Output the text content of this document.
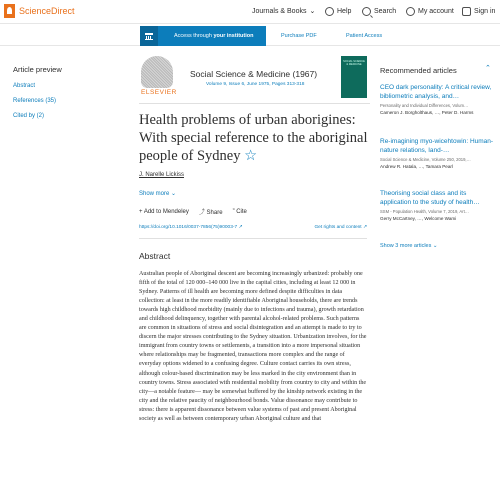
ScienceDirect	Journals & Books ⌄	Help	Search	My account	Sign in
Access through your institution	Purchase PDF	Patient Access
Article preview
Abstract
References (35)
Cited by (2)
ELSEVIER
Social Science & Medicine (1967)
Volume 9, Issue 6, June 1975, Pages 313-318
SOCIAL SCIENCE & MEDICINE
Health problems of urban aborigines: With special reference to the aboriginal people of Sydney ☆
J. Narelle Lickiss
Show more ⌄
+ Add to Mendeley ⤴ Share ” Cite
https://doi.org/10.1016/0037-7856(75)90003-7 ↗	Get rights and content ↗
Abstract
Australian people of Aboriginal descent are becoming increasingly urbanized: probably one fifth of the total of 120 000–140 000 live in the capital cities, including at least 12 000 in Sydney. Patterns of ill health are becoming more defined despite difficulties in data collection: at least in the more readily identifiable Aboriginal households, there are trends towards high childhood morbidity (mainly due to infections and trauma), growth retardation and childhood delinquency, together with parental alcohol-related problems. Such patterns are common in situations of stress and social disintegration and an attempt is made to try to discern the major stresses contributing to the Sydney situation. Urbanization involves, for the immigrant from country towns or settlements, a transition into a more impersonal situation where relationships may be fragmented, transactions more complex and the range of everyday options widened to a confusing degree. Culture contact carries its own stress, although colour-based discrimination may be less marked in the city environment than in country towns. Stress associated with residential mobility from country to city and within the city—a notable feature— may be somewhat buffered by the kinship network existing in the city and the relative paucity of neighbourhood bonds. Value dissonance may contribute to stress: there is apparent dissonance between value systems of past and present Aboriginal society as well as between contemporary urban Aboriginal culture and that
Recommended articles	⌃
CEO dark personality: A critical review, bibliometric analysis, and…
Personality and Individual Differences, Volum…
Cameron J. Borgholthaus, …, Peter D. Harms
Re-imagining myo-wicehtowin: Human-nature relations, land-…
Social Science & Medicine, Volume 250, 2019,…
Andrew R. Hatala, …, Tamara Pearl
Theorising social class and its application to the study of health…
SSM - Population Health, Volume 7, 2019, Art…
Gerry McCartney, …, Welcome Wami
Show 3 more articles ⌄
